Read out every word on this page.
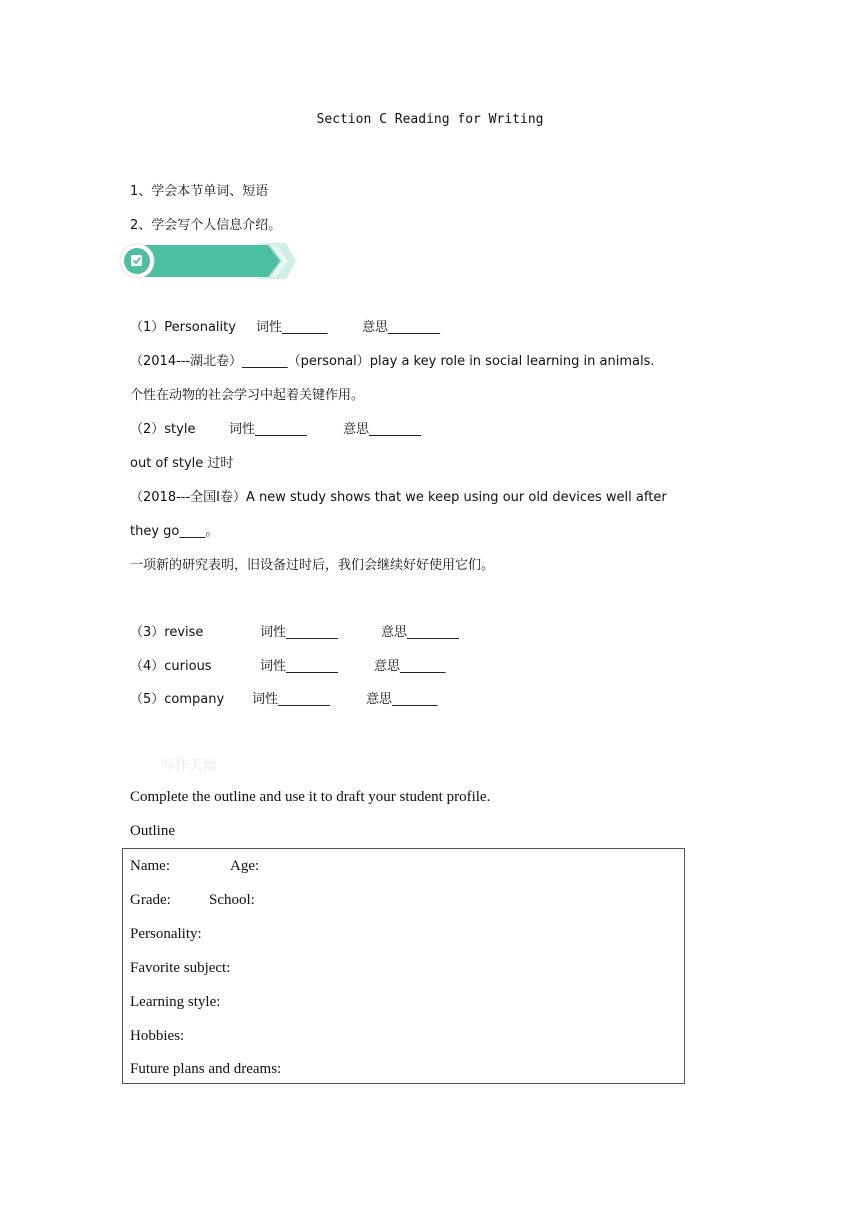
Section C Reading for Writing
1、学会本节单词、短语
2、学会写个人信息介绍。
（1）Personality 词性_______	意思________
（2014---湖北卷）_______（personal）play a key role in social learning in animals.
个性在动物的社会学习中起着关键作用。
（2）style	词性________	意思________
out of style 过时
（2018---全国Ⅰ卷）A new study shows that we keep using our old devices well after
they go____。
一项新的研究表明，旧设备过时后，我们会继续好好使用它们。
（3）revise	词性________	意思________
（4）curious	词性________	意思_______
（5）company 词性________	意思_______
写作天地
Complete the outline and use it to draft your student profile.
Outline
Name:	Age:
Grade:	School:
Personality:
Favorite subject:
Learning style:
Hobbies:
Future plans and dreams:
